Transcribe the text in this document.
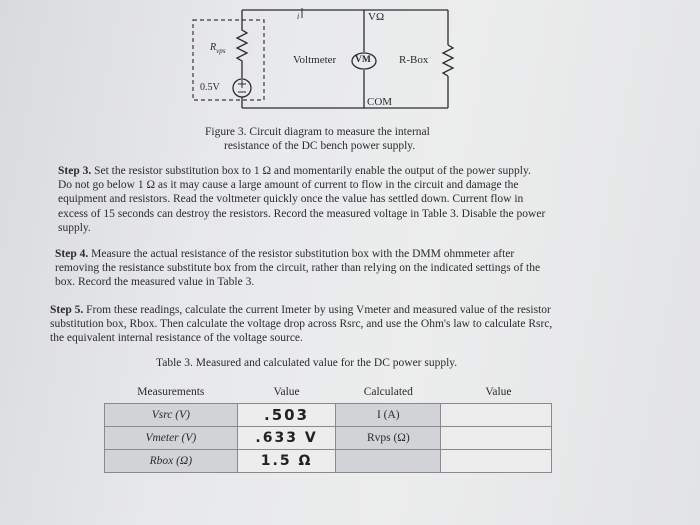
$R_{vps}$
0.5V
i	VΩ
Voltmeter VM	R-Box
COM
Figure 3. Circuit diagram to measure the internal
resistance of the DC bench power supply.
Step 3. Set the resistor substitution box to 1 Ω and momentarily enable the output of the power supply.
Do not go below 1 Ω as it may cause a large amount of current to flow in the circuit and damage the
equipment and resistors. Read the voltmeter quickly once the value has settled down. Current flow in
excess of 15 seconds can destroy the resistors. Record the measured voltage in Table 3. Disable the power
supply.
Step 4. Measure the actual resistance of the resistor substitution box with the DMM ohmmeter after
removing the resistance substitute box from the circuit, rather than relying on the indicated settings of the
box. Record the measured value in Table 3.
Step 5. From these readings, calculate the current Imeter by using Vmeter and measured value of the resistor
substitution box, Rbox. Then calculate the voltage drop across Rsrc, and use the Ohm's law to calculate Rsrc,
the equivalent internal resistance of the voltage source.
Table 3. Measured and calculated value for the DC power supply.
Measurements	Value	Calculated	Value
Vsrc (V)	.503	I (A)	
Vmeter (V)	.633 V	Rvps (Ω)	
Rbox (Ω)	1.5 Ω		
